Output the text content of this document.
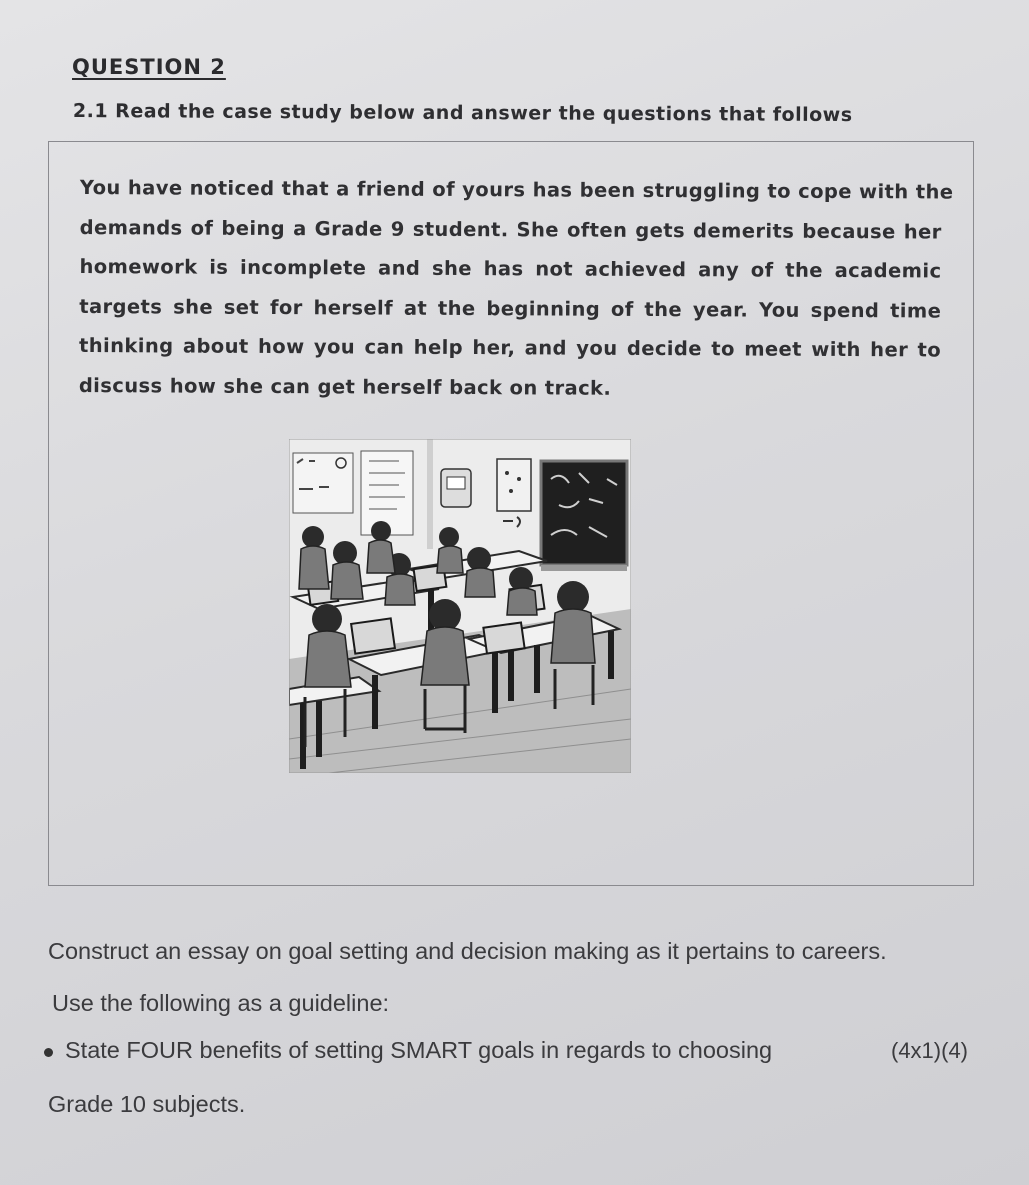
QUESTION 2
2.1 Read the case study below and answer the questions that follows
You have noticed that a friend of yours has been struggling to cope with the
demands of being a Grade 9 student. She often gets demerits because her
homework is incomplete and she has not achieved any of the academic
targets she set for herself at the beginning of the year. You spend time
thinking about how you can help her, and you decide to meet with her to
discuss how she can get herself back on track.
Construct an essay on goal setting and decision making as it pertains to careers.
Use the following as a guideline:
State FOUR benefits of setting SMART goals in regards to choosing	(4x1)(4)
Grade 10 subjects.
